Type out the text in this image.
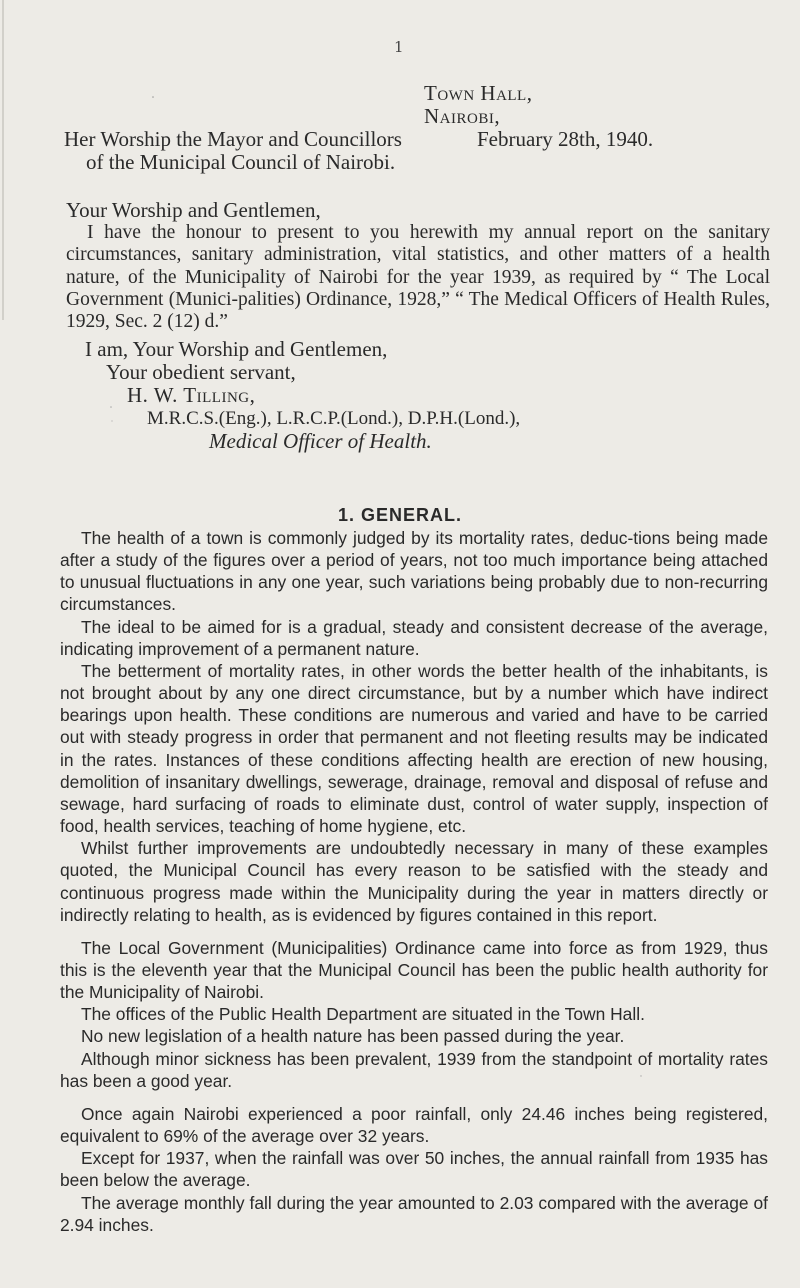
1
Town Hall,
Nairobi,
February 28th, 1940.
Her Worship the Mayor and Councillors
of the Municipal Council of Nairobi.
Your Worship and Gentlemen,

I have the honour to present to you herewith my annual report on the sanitary circumstances, sanitary administration, vital statistics, and other matters of a health nature, of the Municipality of Nairobi for the year 1939, as required by “ The Local Government (Munici-palities) Ordinance, 1928,” “ The Medical Officers of Health Rules, 1929, Sec. 2 (12) d.”

I am, Your Worship and Gentlemen,
Your obedient servant,
H. W. Tilling,
M.R.C.S.(Eng.), L.R.C.P.(Lond.), D.P.H.(Lond.),
Medical Officer of Health.
1. GENERAL.

The health of a town is commonly judged by its mortality rates, deduc-tions being made after a study of the figures over a period of years, not too much importance being attached to unusual fluctuations in any one year, such variations being probably due to non-recurring circumstances.

The ideal to be aimed for is a gradual, steady and consistent decrease of the average, indicating improvement of a permanent nature.

The betterment of mortality rates, in other words the better health of the inhabitants, is not brought about by any one direct circumstance, but by a number which have indirect bearings upon health. These conditions are numerous and varied and have to be carried out with steady progress in order that permanent and not fleeting results may be indicated in the rates. Instances of these conditions affecting health are erection of new housing, demolition of insanitary dwellings, sewerage, drainage, removal and disposal of refuse and sewage, hard surfacing of roads to eliminate dust, control of water supply, inspection of food, health services, teaching of home hygiene, etc.

Whilst further improvements are undoubtedly necessary in many of these examples quoted, the Municipal Council has every reason to be satisfied with the steady and continuous progress made within the Municipality during the year in matters directly or indirectly relating to health, as is evidenced by figures contained in this report.

The Local Government (Municipalities) Ordinance came into force as from 1929, thus this is the eleventh year that the Municipal Council has been the public health authority for the Municipality of Nairobi.

The offices of the Public Health Department are situated in the Town Hall.

No new legislation of a health nature has been passed during the year.

Although minor sickness has been prevalent, 1939 from the standpoint of mortality rates has been a good year.

Once again Nairobi experienced a poor rainfall, only 24.46 inches being registered, equivalent to 69% of the average over 32 years.

Except for 1937, when the rainfall was over 50 inches, the annual rainfall from 1935 has been below the average.

The average monthly fall during the year amounted to 2.03 compared with the average of 2.94 inches.
